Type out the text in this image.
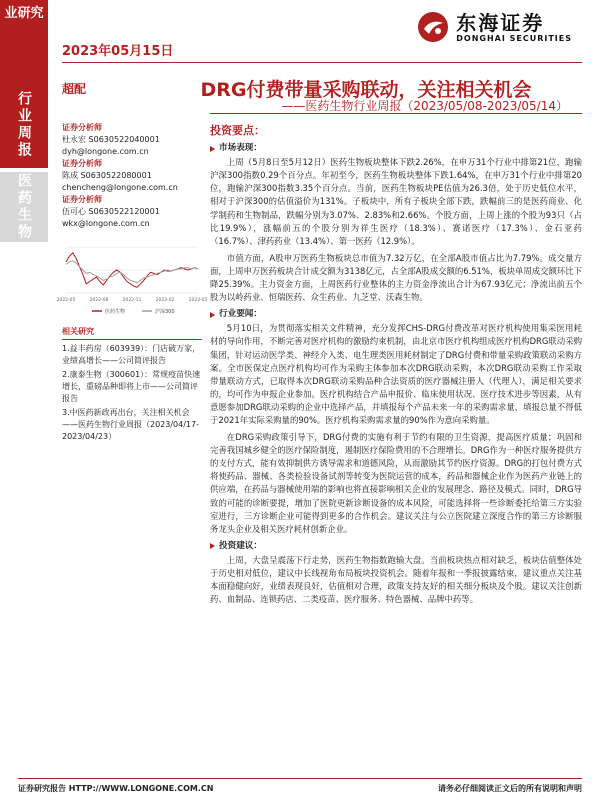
业研究
2023年05月15日
东海证券
DONGHAI SECURITIES
行业周报
医药生物
超配	DRG付费带量采购联动，关注相关机会
——医药生物行业周报（2023/05/08-2023/05/14）
证券分析师
杜永宏 S0630522040001
dyh@longone.com.cn
证券分析师
陈成 S0630522080001
chencheng@longone.com.cn
证券分析师
伍可心 S0630522120001
wkx@longone.com.cn
2022-05	2022-08	2022-11	2023-02	2023-05
医药生物	沪深300
相关研究

1.益丰药房（603939）：门店破万家，业绩高增长——公司简评报告

2.康泰生物（300601）：常规疫苗快速增长，重磅品种即将上市——公司简评报告

3.中医药新政再出台，关注相关机会——医药生物行业周报（2023/04/17-2023/04/23）

投资要点：
市场表现：

上周（5月8日至5月12日）医药生物板块整体下跌2.26%，在申万31个行业中排第21位，跑输沪深300指数0.29个百分点。年初至今，医药生物板块整体下跌1.64%，在申万31个行业中排第20位，跑输沪深300指数3.35个百分点。当前，医药生物板块PE估值为26.3倍，处于历史低位水平，相对于沪深300的估值溢价为131%。子板块中，所有子板块全部下跌，跌幅前三的是医药商业、化学制药和生物制品，跌幅分别为3.07%、2.83%和2.66%。个股方面，上周上涨的个股为93只（占比19.9%），涨幅前五的个股分别为祥生医疗（18.3%）、赛诺医疗（17.3%）、金石亚药（16.7%）、津药药业（13.4%）、第一医药（12.9%）。

市值方面，A股申万医药生物板块总市值为7.32万亿，在全部A股市值占比为7.79%。成交量方面，上周申万医药板块合计成交额为3138亿元，占全部A股成交额的6.51%，板块单周成交额环比下降25.39%。主力资金方面，上周医药行业整体的主力资金净流出合计为67.93亿元；净流出前五个股为以岭药业、恒瑞医药、众生药业、九芝堂、沃森生物。

行业要闻：

5月10日，为贯彻落实相关文件精神，充分发挥CHS-DRG付费改革对医疗机构使用集采医用耗材的导向作用，不断完善对医疗机构的激励约束机制，由北京市医疗机构组成医疗机构DRG联动采购集团，针对运动医学类、神经介入类、电生理类医用耗材制定了DRG付费和带量采购政策联动采购方案。全市医保定点医疗机构均可作为采购主体参加本次DRG联动采购，本次DRG联动采购工作采取带量联动方式，已取得本次DRG联动采购品种合法资质的医疗器械注册人（代理人），满足相关要求的，均可作为申报企业参加。医疗机构结合产品申报价、临床使用状况、医疗技术进步等因素，从有意愿参加DRG联动采购的企业中选择产品，并填报每个产品未来一年的采购需求量，填报总量不得低于2021年实际采购量的90%。医疗机构采购需求量的90%作为意向采购量。

在DRG采购政策引导下，DRG付费的实施有利于节约有限的卫生资源，提高医疗质量；巩固和完善我国城乡健全的医疗保险制度，遏制医疗保险费用的不合理增长。DRG作为一种医疗服务提供方的支付方式，能有效抑制供方诱导需求和道德风险，从而激励其节约医疗资源。DRG的打包付费方式将使药品、器械、各类检验设备试剂等转变为医院运营的成本，药品和器械企业作为医药产业链上的供应端，在药品与器械使用端的影响也将直接影响相关企业的发展理念、路径及模式。同时，DRG导致的可能的诊断要提，增加了医院更新诊断设备的成本风险，可能选择将一些诊断委托给第三方实验室进行，三方诊断企业可能得到更多的合作机会。建议关注与公立医院建立深度合作的第三方诊断服务龙头企业及相关医疗耗材创新企业。

投资建议：

上周，大盘呈震荡下行走势，医药生物指数跑输大盘。当前板块热点相对缺乏，板块估值整体处于历史相对低位，建议中长线视角布局板块投资机会。随着年报和一季报披露结束，建议重点关注基本面稳健向好，业绩表现良好，估值相对合理，政策支持友好的相关细分板块及个股。建议关注创新药、血制品、连锁药店、二类疫苗、医疗服务、特色器械、品牌中药等。

证券研究报告 HTTP://WWW.LONGONE.COM.CN	请务必仔细阅读正文后的所有说明和声明
